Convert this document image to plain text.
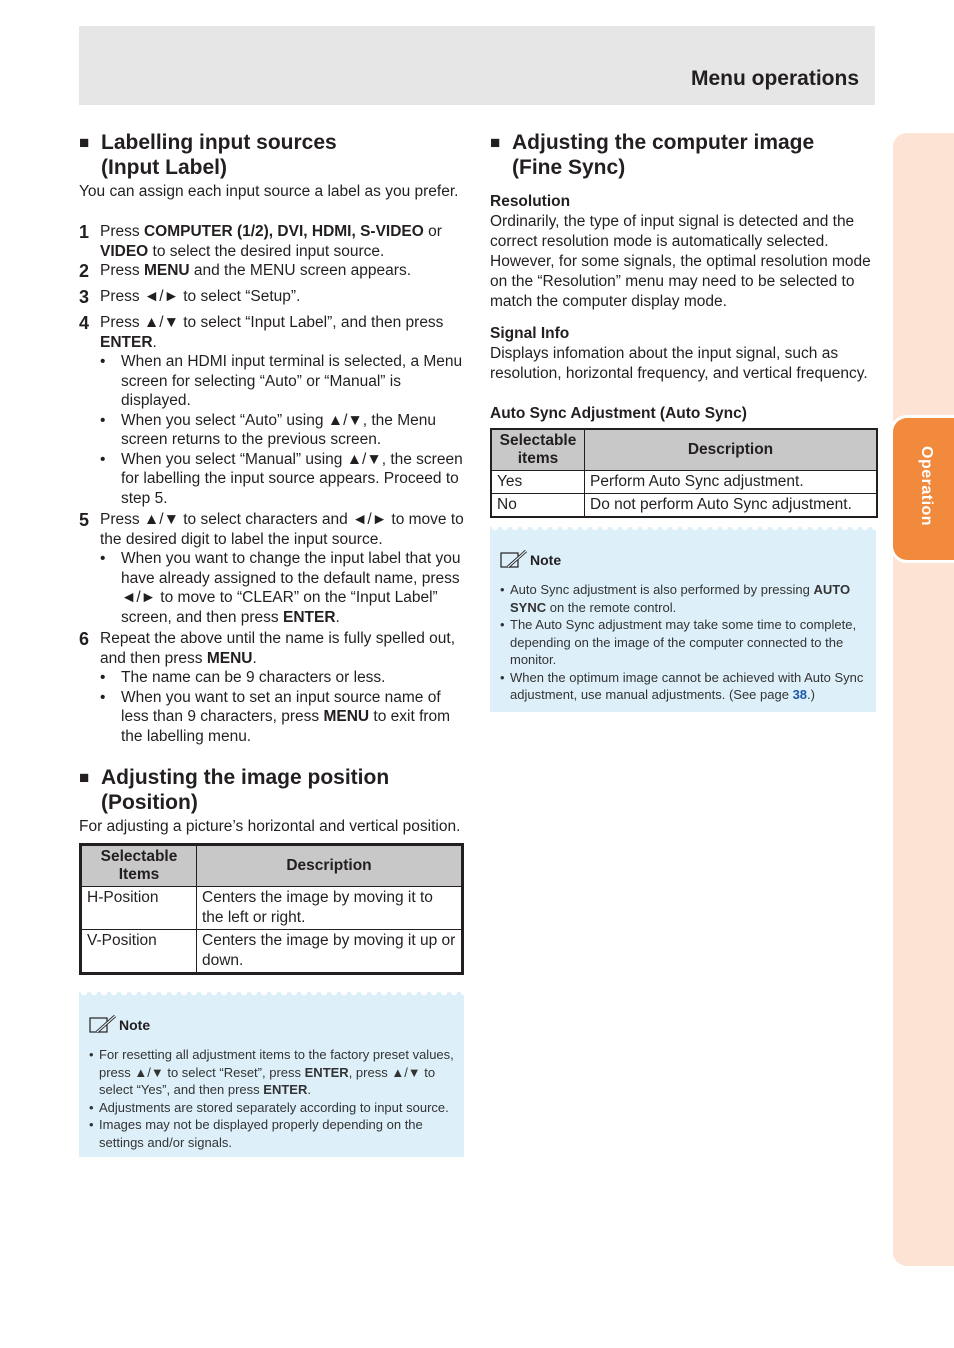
Menu operations
Operation
■ Labelling input sources
(Input Label)

You can assign each input source a label as you prefer.

1 Press COMPUTER (1/2), DVI, HDMI, S-VIDEO or VIDEO to select the desired input source.
2 Press MENU and the MENU screen appears.
3 Press ◄/► to select “Setup”.
4 Press ▲/▼ to select “Input Label”, and then press ENTER.
•	When an HDMI input terminal is selected, a Menu screen for selecting “Auto” or “Manual” is displayed.
•	When you select “Auto” using ▲/▼, the Menu screen returns to the previous screen.
•	When you select “Manual” using ▲/▼, the screen for labelling the input source appears. Proceed to step 5.
5 Press ▲/▼ to select characters and ◄/► to move to the desired digit to label the input source.
•	When you want to change the input label that you have already assigned to the default name, press ◄/► to move to “CLEAR” on the “Input Label” screen, and then press ENTER.
6 Repeat the above until the name is fully spelled out, and then press MENU.
•	The name can be 9 characters or less.
•	When you want to set an input source name of less than 9 characters, press MENU to exit from the labelling menu.
■ Adjusting the image position
(Position)

For adjusting a picture’s horizontal and vertical position.

Selectable Items	Description
H-Position	Centers the image by moving it to the left or right.
V-Position	Centers the image by moving it up or down.
Note
• For resetting all adjustment items to the factory preset values, press ▲/▼ to select “Reset”, press ENTER, press ▲/▼ to select “Yes”, and then press ENTER.
• Adjustments are stored separately according to input source.
• Images may not be displayed properly depending on the settings and/or signals.
■ Adjusting the computer image
(Fine Sync)
Resolution

Ordinarily, the type of input signal is detected and the correct resolution mode is automatically selected. However, for some signals, the optimal resolution mode on the “Resolution” menu may need to be selected to match the computer display mode.

Signal Info

Displays infomation about the input signal, such as resolution, horizontal frequency, and vertical frequency.

Auto Sync Adjustment (Auto Sync)
Selectable items	Description
Yes	Perform Auto Sync adjustment.
No	Do not perform Auto Sync adjustment.
Note
• Auto Sync adjustment is also performed by pressing AUTO SYNC on the remote control.
• The Auto Sync adjustment may take some time to complete, depending on the image of the computer connected to the monitor.
• When the optimum image cannot be achieved with Auto Sync adjustment, use manual adjustments. (See page 38.)
